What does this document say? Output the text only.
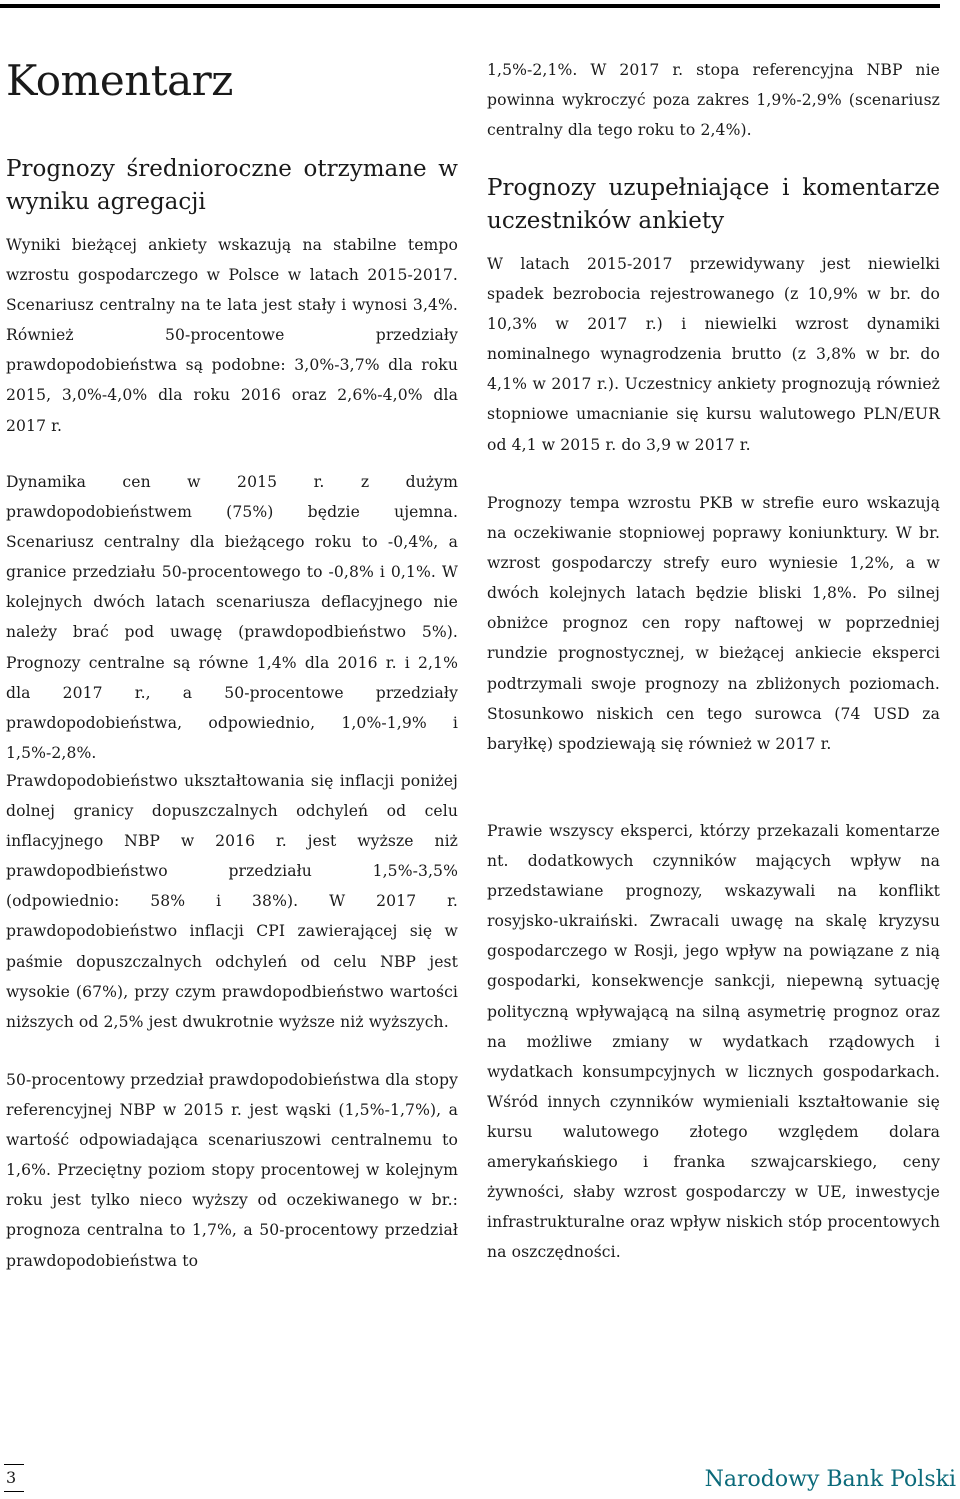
Komentarz
Prognozy średnioroczne otrzymane w wyniku agregacji

Wyniki bieżącej ankiety wskazują na stabilne tempo wzrostu gospodarczego w Polsce w latach 2015-2017. Scenariusz centralny na te lata jest stały i wynosi 3,4%. Również 50-procentowe przedziały prawdopodobieństwa są podobne: 3,0%-3,7% dla roku 2015, 3,0%-4,0% dla roku 2016 oraz 2,6%-4,0% dla 2017 r.

Dynamika cen w 2015 r. z dużym prawdopodobieństwem (75%) będzie ujemna. Scenariusz centralny dla bieżącego roku to -0,4%, a granice przedziału 50-procentowego to -0,8% i 0,1%. W kolejnych dwóch latach scenariusza deflacyjnego nie należy brać pod uwagę (prawdopodbieństwo 5%). Prognozy centralne są równe 1,4% dla 2016 r. i 2,1% dla 2017 r., a 50-procentowe przedziały prawdopodobieństwa, odpowiednio, 1,0%-1,9% i 1,5%-2,8%.

Prawdopodobieństwo ukształtowania się inflacji poniżej dolnej granicy dopuszczalnych odchyleń od celu inflacyjnego NBP w 2016 r. jest wyższe niż prawdopodbieństwo przedziału 1,5%-3,5% (odpowiednio: 58% i 38%). W 2017 r. prawdopodobieństwo inflacji CPI zawierającej się w paśmie dopuszczalnych odchyleń od celu NBP jest wysokie (67%), przy czym prawdopodbieństwo wartości niższych od 2,5% jest dwukrotnie wyższe niż wyższych.

50-procentowy przedział prawdopodobieństwa dla stopy referencyjnej NBP w 2015 r. jest wąski (1,5%-1,7%), a wartość odpowiadająca scenariuszowi centralnemu to 1,6%. Przeciętny poziom stopy procentowej w kolejnym roku jest tylko nieco wyższy od oczekiwanego w br.: prognoza centralna to 1,7%, a 50-procentowy przedział prawdopodobieństwa to

1,5%-2,1%. W 2017 r. stopa referencyjna NBP nie powinna wykroczyć poza zakres 1,9%-2,9% (scenariusz centralny dla tego roku to 2,4%).

Prognozy uzupełniające i komentarze uczestników ankiety

W latach 2015-2017 przewidywany jest niewielki spadek bezrobocia rejestrowanego (z 10,9% w br. do 10,3% w 2017 r.) i niewielki wzrost dynamiki nominalnego wynagrodzenia brutto (z 3,8% w br. do 4,1% w 2017 r.). Uczestnicy ankiety prognozują również stopniowe umacnianie się kursu walutowego PLN/EUR od 4,1 w 2015 r. do 3,9 w 2017 r.

Prognozy tempa wzrostu PKB w strefie euro wskazują na oczekiwanie stopniowej poprawy koniunktury. W br. wzrost gospodarczy strefy euro wyniesie 1,2%, a w dwóch kolejnych latach będzie bliski 1,8%. Po silnej obniżce prognoz cen ropy naftowej w poprzedniej rundzie prognostycznej, w bieżącej ankiecie eksperci podtrzymali swoje prognozy na zbliżonych poziomach. Stosunkowo niskich cen tego surowca (74 USD za baryłkę) spodziewają się również w 2017 r.

Prawie wszyscy eksperci, którzy przekazali komentarze nt. dodatkowych czynników mających wpływ na przedstawiane prognozy, wskazywali na konflikt rosyjsko-ukraiński. Zwracali uwagę na skalę kryzysu gospodarczego w Rosji, jego wpływ na powiązane z nią gospodarki, konsekwencje sankcji, niepewną sytuację polityczną wpływającą na silną asymetrię prognoz oraz na możliwe zmiany w wydatkach rządowych i wydatkach konsumpcyjnych w licznych gospodarkach. Wśród innych czynników wymieniali kształtowanie się kursu walutowego złotego względem dolara amerykańskiego i franka szwajcarskiego, ceny żywności, słaby wzrost gospodarczy w UE, inwestycje infrastrukturalne oraz wpływ niskich stóp procentowych na oszczędności.

3	Narodowy Bank Polski
